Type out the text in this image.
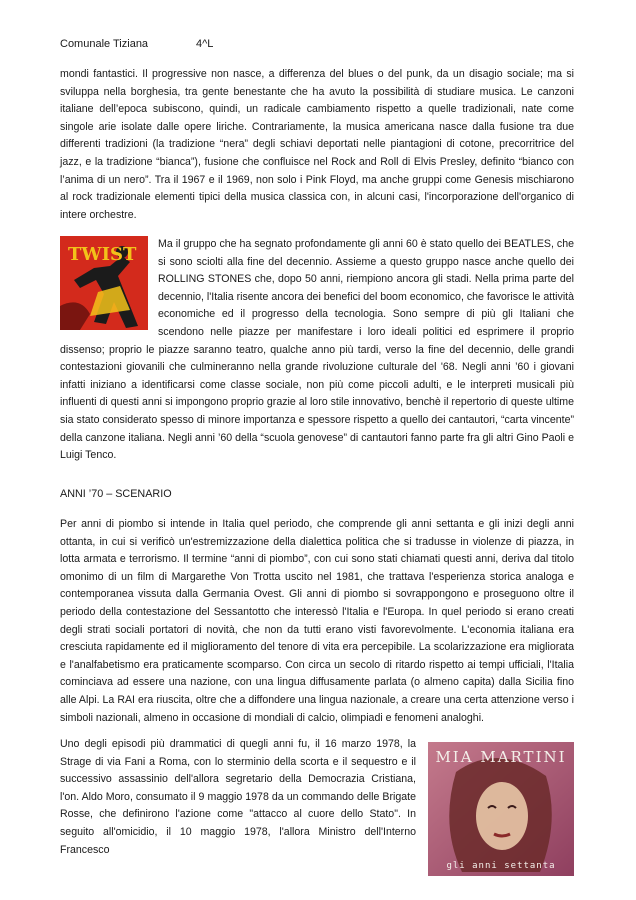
Comunale Tiziana	4^L

mondi fantastici. Il progressive non nasce, a differenza del blues o del punk, da un disagio sociale; ma si sviluppa nella borghesia, tra gente benestante che ha avuto la possibilità di studiare musica. Le canzoni italiane dell’epoca subiscono, quindi, un radicale cambiamento rispetto a quelle tradizionali, nate come singole arie isolate dalle opere liriche. Contrariamente, la musica americana nasce dalla fusione tra due differenti tradizioni (la tradizione “nera” degli schiavi deportati nelle piantagioni di cotone, precorritrice del jazz, e la tradizione “bianca”), fusione che confluisce nel Rock and Roll di Elvis Presley, definito “bianco con l’anima di un nero”. Tra il 1967 e il 1969, non solo i Pink Floyd, ma anche gruppi come Genesis mischiarono al rock tradizionale elementi tipici della musica classica con, in alcuni casi, l'incorporazione dell'organico di intere orchestre.

TWIST	Ma il gruppo che ha segnato profondamente gli anni 60 è stato quello dei BEATLES, che si sono sciolti alla fine del decennio. Assieme a questo gruppo nasce anche quello dei ROLLING STONES che, dopo 50 anni, riempiono ancora gli stadi. Nella prima parte del decennio, l'Italia risente ancora dei benefici del boom economico, che favorisce le attività economiche ed il progresso della tecnologia. Sono sempre di più gli Italiani che scendono nelle piazze per manifestare i loro ideali politici ed esprimere il proprio dissenso; proprio le piazze saranno teatro, qualche anno più tardi, verso la fine del decennio, delle grandi contestazioni giovanili che culmineranno nella grande rivoluzione culturale del '68. Negli anni ’60 i giovani infatti iniziano a identificarsi come classe sociale, non più come piccoli adulti, e le interpreti musicali più influenti di questi anni si impongono proprio grazie al loro stile innovativo, benchè il repertorio di queste ultime sia stato considerato spesso di minore importanza e spessore rispetto a quello dei cantautori, “carta vincente” della canzone italiana. Negli anni ’60 della “scuola genovese” di cantautori fanno parte fra gli altri Gino Paoli e Luigi Tenco.

ANNI ’70 – SCENARIO

Per anni di piombo si intende in Italia quel periodo, che comprende gli anni settanta e gli inizi degli anni ottanta, in cui si verificò un'estremizzazione della dialettica politica che si tradusse in violenze di piazza, in lotta armata e terrorismo. Il termine “anni di piombo”, con cui sono stati chiamati questi anni, deriva dal titolo omonimo di un film di Margarethe Von Trotta uscito nel 1981, che trattava l'esperienza storica analoga e contemporanea vissuta dalla Germania Ovest. Gli anni di piombo si sovrappongono e proseguono oltre il periodo della contestazione del Sessantotto che interessò l'Italia e l'Europa. In quel periodo si erano creati degli strati sociali portatori di novità, che non da tutti erano visti favorevolmente. L'economia italiana era cresciuta rapidamente ed il miglioramento del tenore di vita era percepibile. La scolarizzazione era migliorata e l'analfabetismo era praticamente scomparso. Con circa un secolo di ritardo rispetto ai tempi ufficiali, l'Italia cominciava ad essere una nazione, con una lingua diffusamente parlata (o almeno capita) dalla Sicilia fino alle Alpi. La RAI era riuscita, oltre che a diffondere una lingua nazionale, a creare una certa attenzione verso i simboli nazionali, almeno in occasione di mondiali di calcio, olimpiadi e fenomeni analoghi.

MIA MARTINI
gli anni settanta

Uno degli episodi più drammatici di quegli anni fu, il 16 marzo 1978, la Strage di via Fani a Roma, con lo sterminio della scorta e il sequestro e il successivo assassinio dell'allora segretario della Democrazia Cristiana, l'on. Aldo Moro, consumato il 9 maggio 1978 da un commando delle Brigate Rosse, che definirono l'azione come "attacco al cuore dello Stato". In seguito all'omicidio, il 10 maggio 1978, l'allora Ministro dell'Interno Francesco
